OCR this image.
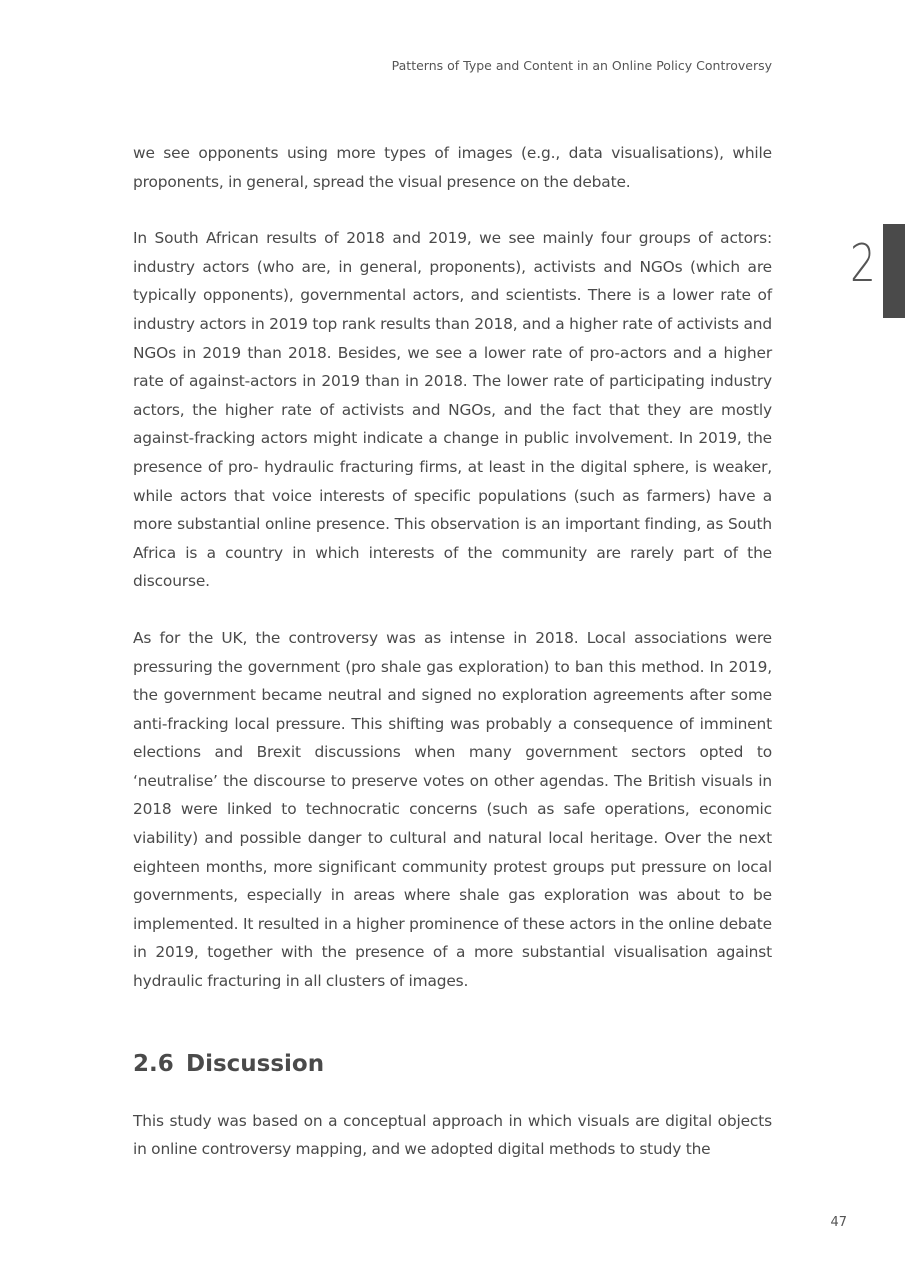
Patterns of Type and Content in an Online Policy Controversy
2

we see opponents using more types of images (e.g., data visualisations), while proponents, in general, spread the visual presence on the debate.

In South African results of 2018 and 2019, we see mainly four groups of actors: industry actors (who are, in general, proponents), activists and NGOs (which are typically opponents), governmental actors, and scientists. There is a lower rate of industry actors in 2019 top rank results than 2018, and a higher rate of activists and NGOs in 2019 than 2018. Besides, we see a lower rate of pro-actors and a higher rate of against-actors in 2019 than in 2018. The lower rate of participating industry actors, the higher rate of activists and NGOs, and the fact that they are mostly against-fracking actors might indicate a change in public involvement. In 2019, the presence of pro- hydraulic fracturing firms, at least in the digital sphere, is weaker, while actors that voice interests of specific populations (such as farmers) have a more substantial online presence. This observation is an important finding, as South Africa is a country in which interests of the community are rarely part of the discourse.

As for the UK, the controversy was as intense in 2018. Local associations were pressuring the government (pro shale gas exploration) to ban this method. In 2019, the government became neutral and signed no exploration agreements after some anti-fracking local pressure. This shifting was probably a consequence of imminent elections and Brexit discussions when many government sectors opted to ‘neutralise’ the discourse to preserve votes on other agendas. The British visuals in 2018 were linked to technocratic concerns (such as safe operations, economic viability) and possible danger to cultural and natural local heritage. Over the next eighteen months, more significant community protest groups put pressure on local governments, especially in areas where shale gas exploration was about to be implemented. It resulted in a higher prominence of these actors in the online debate in 2019, together with the presence of a more substantial visualisation against hydraulic fracturing in all clusters of images.

2.6 Discussion

This study was based on a conceptual approach in which visuals are digital objects in online controversy mapping, and we adopted digital methods to study the

47
